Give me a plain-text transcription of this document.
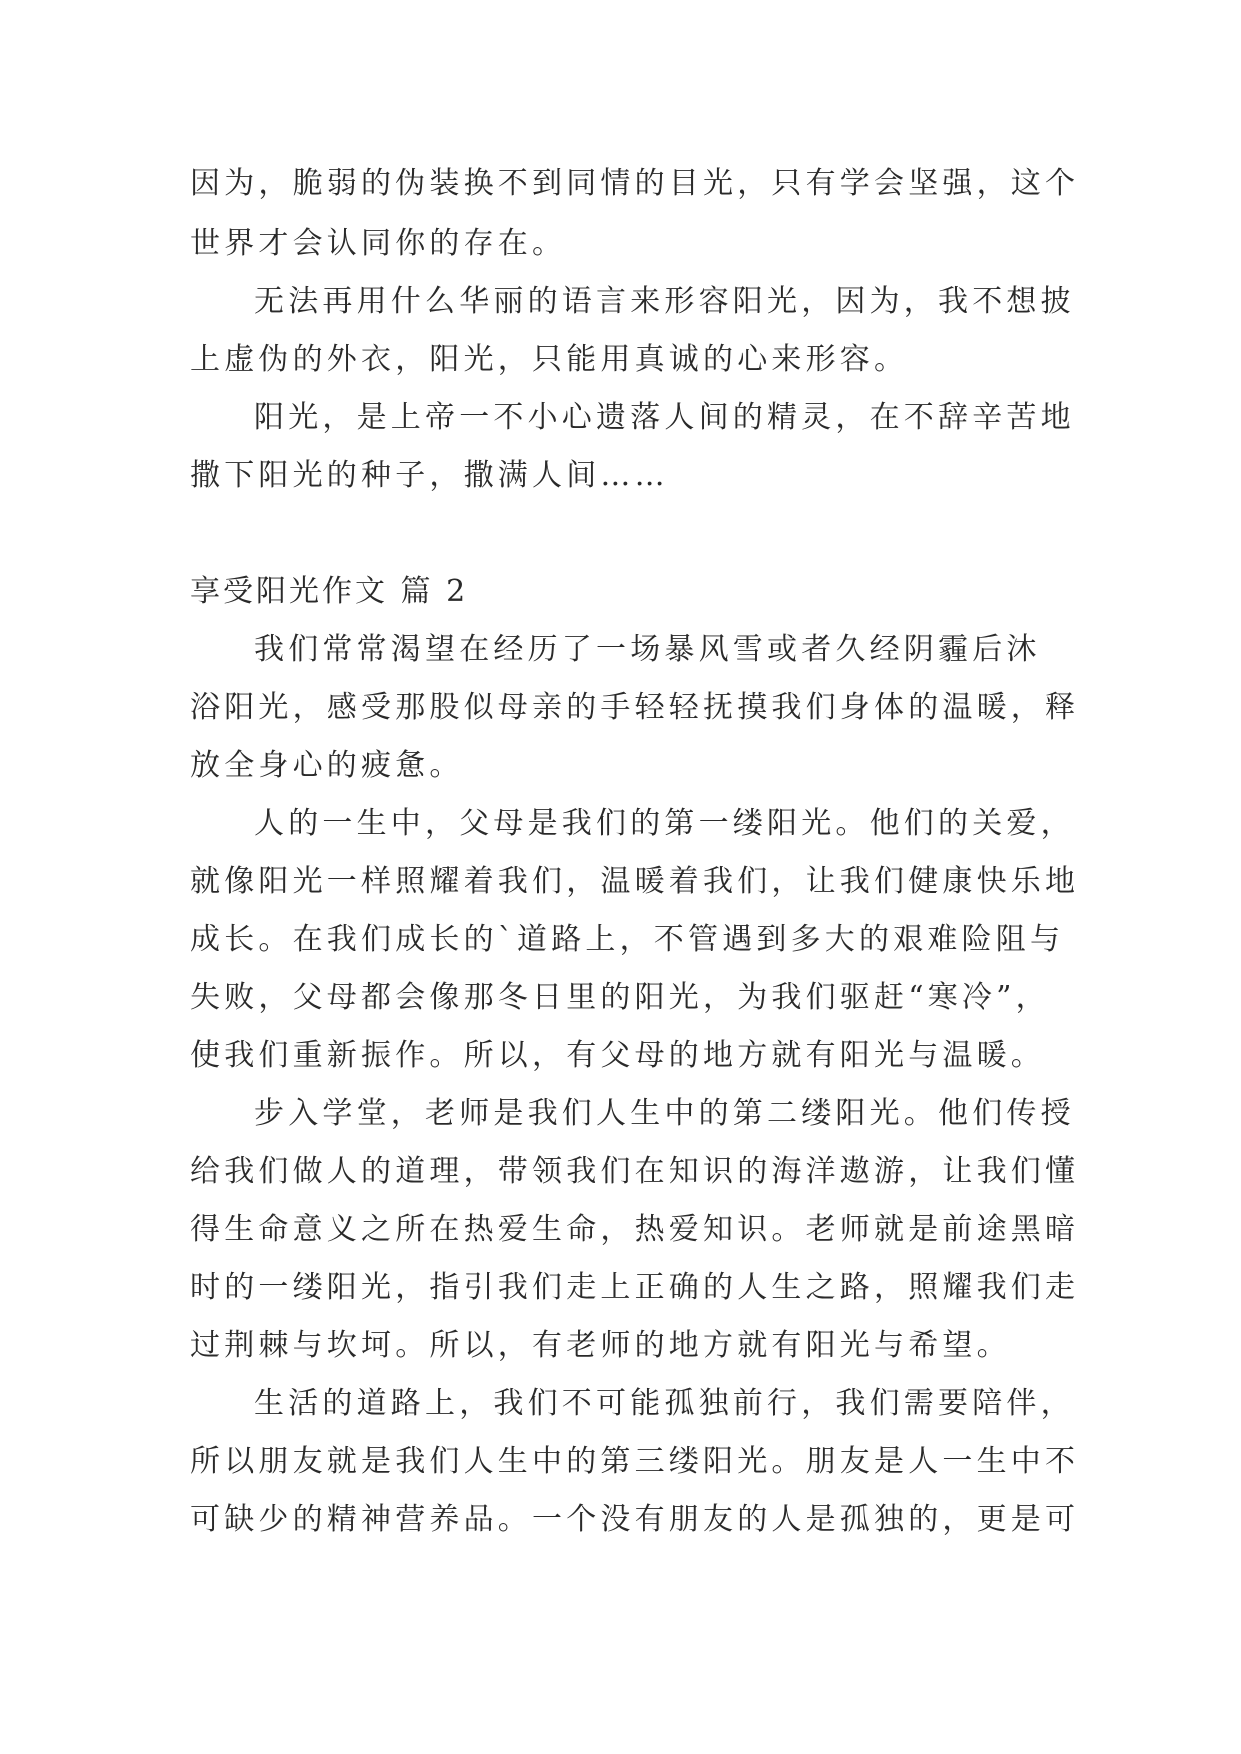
因为，脆弱的伪装换不到同情的目光，只有学会坚强，这个
世界才会认同你的存在。
无法再用什么华丽的语言来形容阳光，因为，我不想披
上虚伪的外衣，阳光，只能用真诚的心来形容。
阳光，是上帝一不小心遗落人间的精灵，在不辞辛苦地
撒下阳光的种子，撒满人间……
享受阳光作文 篇 2
我们常常渴望在经历了一场暴风雪或者久经阴霾后沐
浴阳光，感受那股似母亲的手轻轻抚摸我们身体的温暖，释
放全身心的疲惫。
人的一生中，父母是我们的第一缕阳光。他们的关爱，
就像阳光一样照耀着我们，温暖着我们，让我们健康快乐地
成长。在我们成长的`道路上，不管遇到多大的艰难险阻与
失败，父母都会像那冬日里的阳光，为我们驱赶“寒冷”，
使我们重新振作。所以，有父母的地方就有阳光与温暖。
步入学堂，老师是我们人生中的第二缕阳光。他们传授
给我们做人的道理，带领我们在知识的海洋遨游，让我们懂
得生命意义之所在热爱生命，热爱知识。老师就是前途黑暗
时的一缕阳光，指引我们走上正确的人生之路，照耀我们走
过荆棘与坎坷。所以，有老师的地方就有阳光与希望。
生活的道路上，我们不可能孤独前行，我们需要陪伴，
所以朋友就是我们人生中的第三缕阳光。朋友是人一生中不
可缺少的精神营养品。一个没有朋友的人是孤独的，更是可
